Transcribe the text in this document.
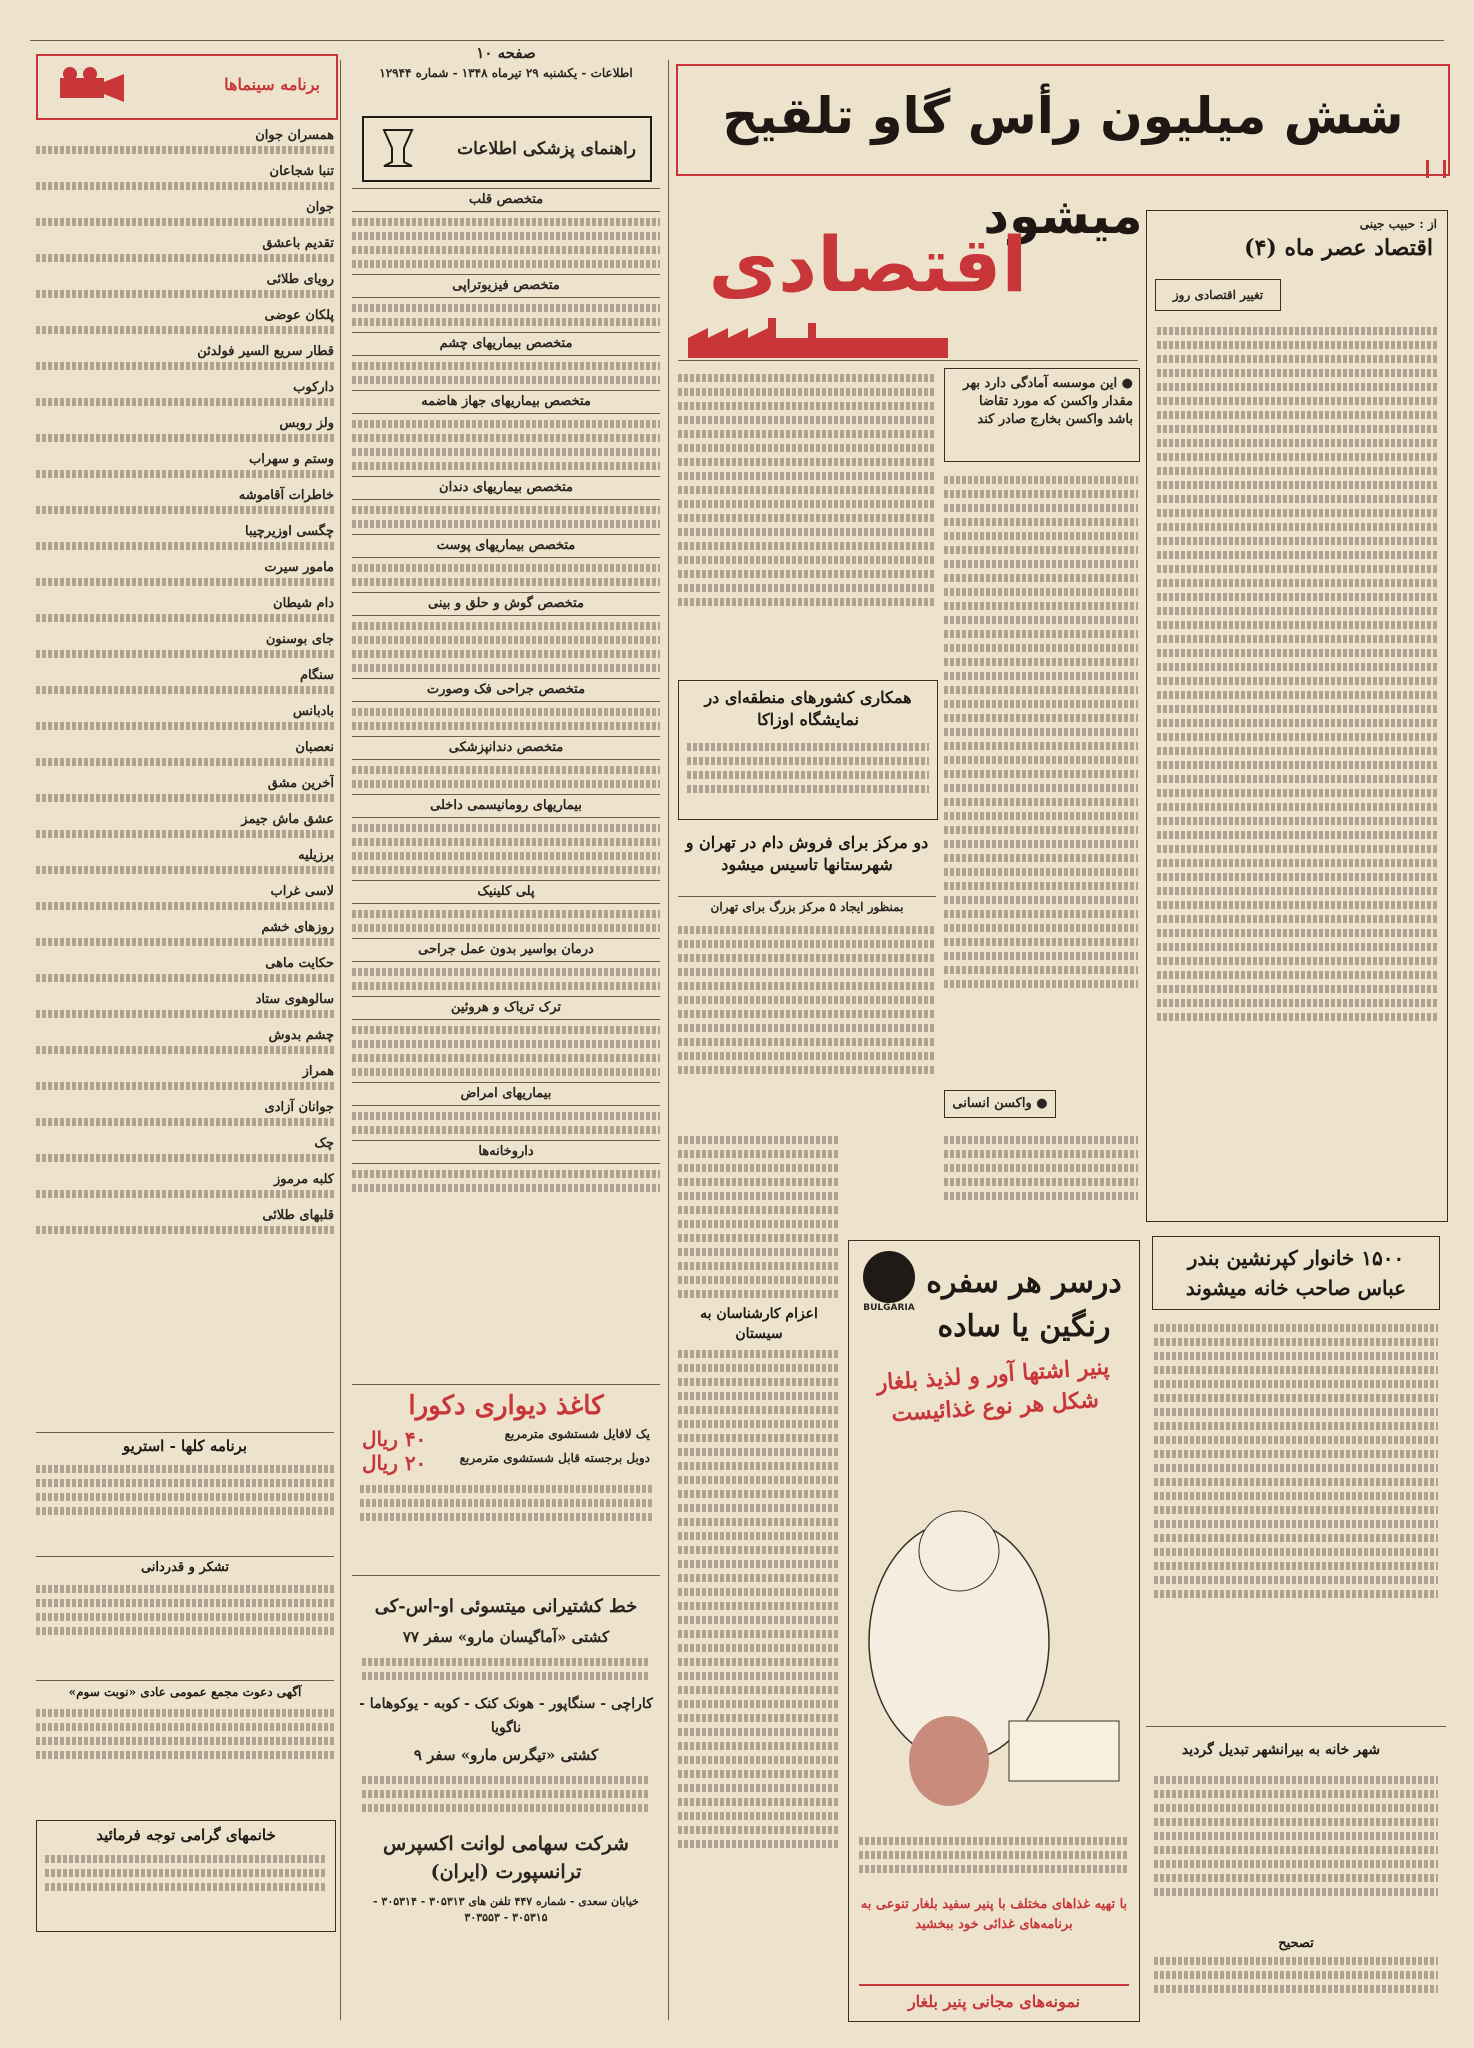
شش میلیون رأس گاو تلقیح میشود	از : حبیب جینی
اقتصاد عصر ماه (۴)
تغییر اقتصادی روز
اقتصادی
● این موسسه آمادگی دارد بهر مقدار واکسن که مورد تقاضا باشد واکسن بخارج صادر کند
● واکسن انسانی
همکاری کشورهای منطقه‌ای در نمایشگاه اوزاکا
دو مرکز برای فروش دام در تهران و شهرستانها تاسیس میشود
بمنظور ایجاد ۵ مرکز بزرگ برای تهران
اعزام کارشناسان به سیستان
۱۵۰۰ خانوار کپرنشین بندر عباس صاحب خانه میشوند
شهر خانه به بیرانشهر تبدیل گردید
تصحیح
BULGARIA
درسر هر سفره رنگین یا ساده
پنیر اشتها آور و لذیذ بلغار شکل هر نوع غذائیست
با تهیه غذاهای مختلف با پنیر سفید بلغار تنوعی به برنامه‌های غذائی خود ببخشید
نمونه‌های مجانی پنیر بلغار
صفحه ۱۰
اطلاعات - یکشنبه ۲۹ تیرماه ۱۳۴۸ - شماره ۱۲۹۴۴
راهنمای پزشکی اطلاعات
متخصص قلب
متخصص فیزیوتراپی
متخصص بیماریهای چشم
متخصص بیماریهای جهاز هاضمه
متخصص بیماریهای دندان
متخصص بیماریهای پوست
متخصص گوش و حلق و بینی
متخصص جراحی فک وصورت
متخصص دندانپزشکی
بیماریهای رومانیسمی داخلی
پلی کلینیک
درمان بواسیر بدون عمل جراحی
ترک تریاک و هروئین
بیماریهای امراض
داروخانه‌ها
کاغذ دیواری دکورا
یک لافایل شستشوی مترمربع
۴۰ ریال
دوبل برجسته قابل شستشوی مترمربع
۲۰ ریال
خط کشتیرانی میتسوئی او-اس-کی
کشتی «آماگیسان مارو» سفر ۷۷
کاراچی - سنگاپور - هونک کنک - کوبه - یوکوهاما - ناگویا
کشتی «تیگرس مارو» سفر ۹
شرکت سهامی لوانت اکسپرس ترانسپورت (ایران)
خیابان سعدی - شماره ۴۴۷ تلفن های ۳۰۵۳۱۳ - ۳۰۵۳۱۴ - ۳۰۵۳۱۵ - ۳۰۳۵۵۳
برنامه سینماها
همسران جوان
تنبا شجاعان
جوان
تقدیم باعشق
رویای طلائی
پلکان عوضی
قطار سریع السیر فولدئن
دارکوب
ولز روبس
وستم و سهراب
خاطرات آقاموشه
چگسی اوزیرچیبا
مامور سیرت
دام شیطان
جای بوسنون
سنگام
بادبانس
نعصبان
آخرین مشق
عشق ماش جیمز
برزیلیه
لاسی غراب
روزهای خشم
حکایت ماهی
سالوهوی ستاد
چشم بدوش
همراز
جوانان آزادی
چک
کلبه مرموز
قلبهای طلائی
برنامه کلها - استریو
تشکر و قدردانی
آگهی دعوت مجمع عمومی عادی «نوبت سوم»
خانمهای گرامی توجه فرمائید
